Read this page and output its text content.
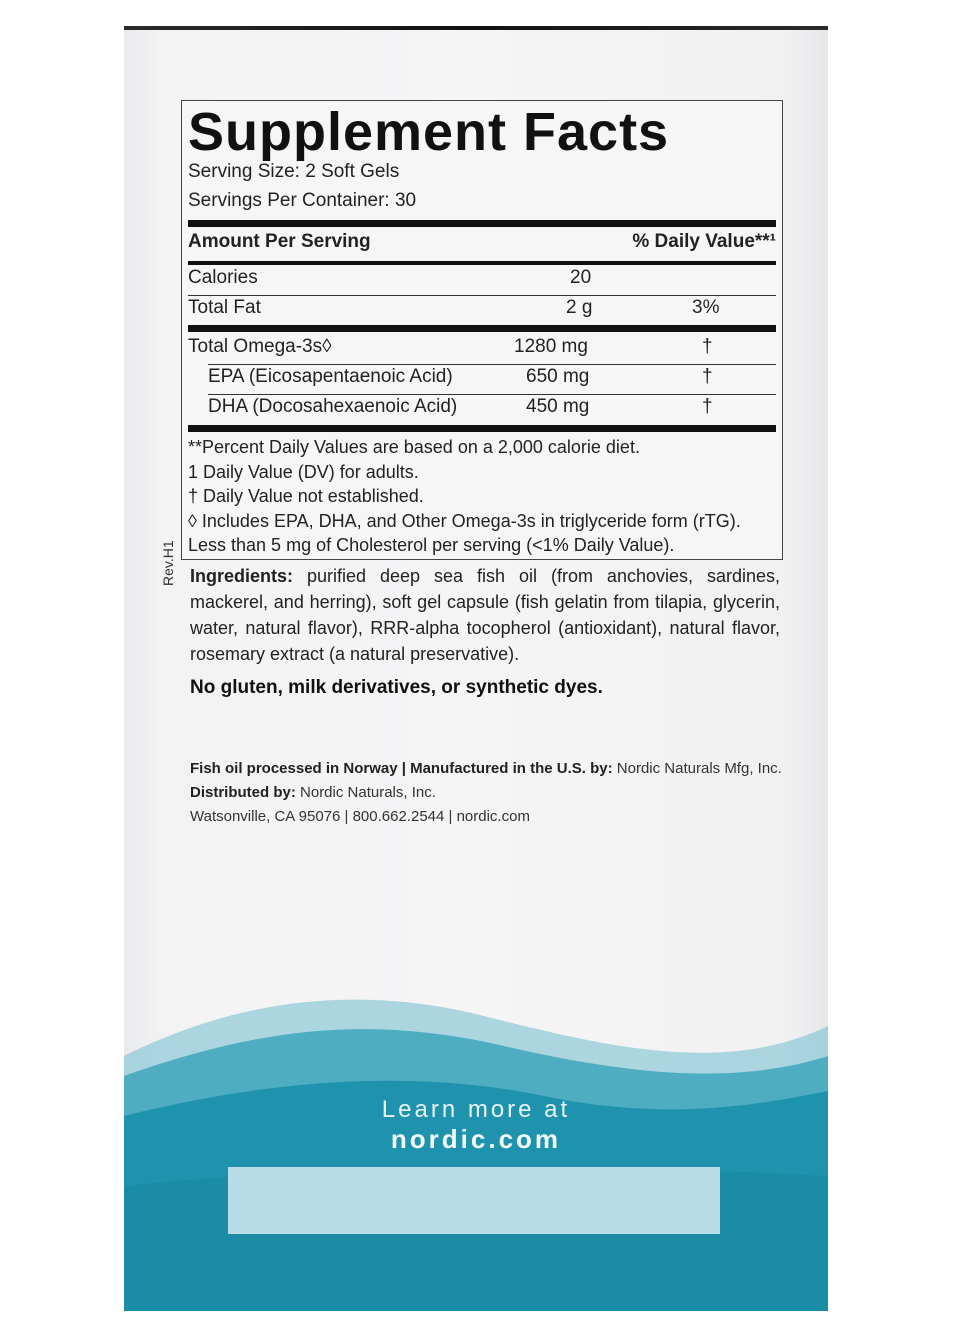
Supplement Facts
Serving Size: 2 Soft Gels
Servings Per Container: 30
Amount Per Serving	% Daily Value**¹
Calories	20
Total Fat	2 g	3%
Total Omega-3s◊	1280 mg	†
EPA (Eicosapentaenoic Acid)	650 mg	†
DHA (Docosahexaenoic Acid)	450 mg	†
**Percent Daily Values are based on a 2,000 calorie diet.
1 Daily Value (DV) for adults.
† Daily Value not established.
◊ Includes EPA, DHA, and Other Omega-3s in triglyceride form (rTG).
Less than 5 mg of Cholesterol per serving (<1% Daily Value).
Rev.H1 Ingredients: purified deep sea fish oil (from anchovies, sardines, mackerel, and herring), soft gel capsule (fish gelatin from tilapia, glycerin, water, natural flavor), RRR-alpha tocopherol (antioxidant), natural flavor, rosemary extract (a natural preservative).
No gluten, milk derivatives, or synthetic dyes.
Fish oil processed in Norway | Manufactured in the U.S. by: Nordic Naturals Mfg, Inc.
Distributed by: Nordic Naturals, Inc.
Watsonville, CA 95076 | 800.662.2544 | nordic.com
Learn more at
nordic.com
